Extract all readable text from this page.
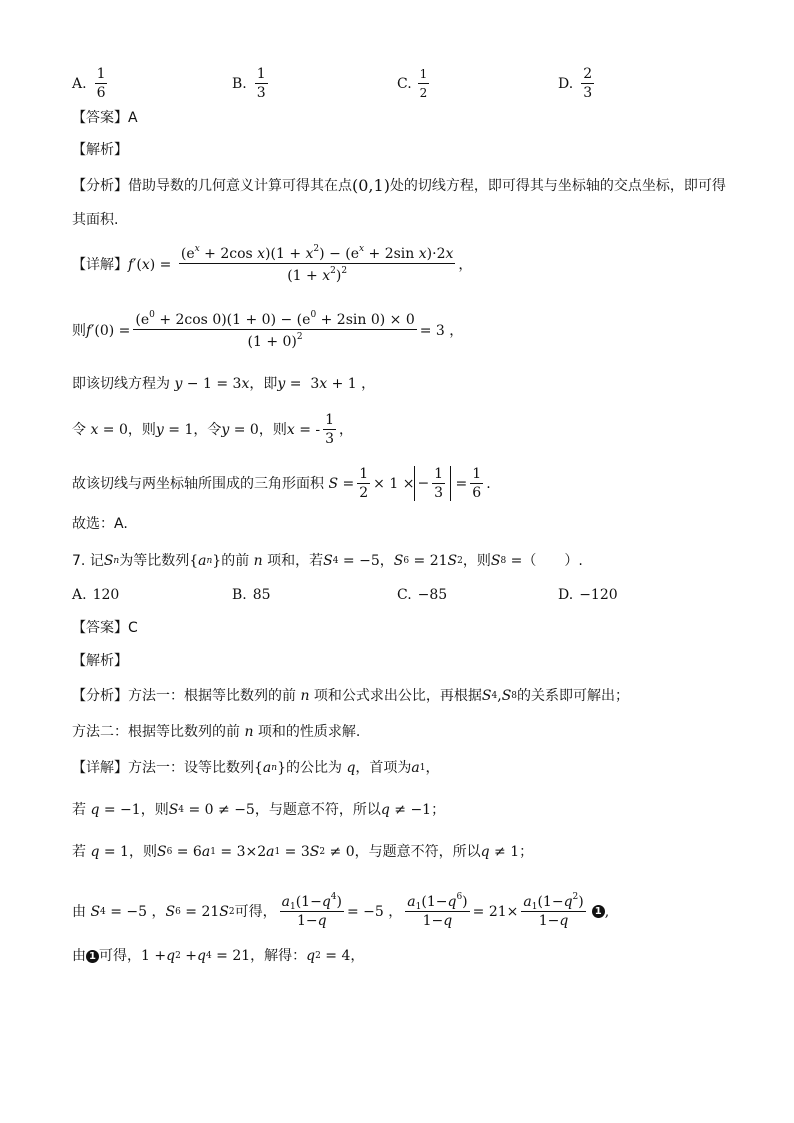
A. $\frac{1}{6}$	B. $\frac{1}{3}$	C. $\frac{1}{2}$	D. $\frac{2}{3}$
【答案】A
【解析】
【分析】借助导数的几何意义计算可得其在点 (0,1) 处的切线方程，即可得其与坐标轴的交点坐标，即可得
其面积.
【详解】 f ′ ( x ) = $\frac{(e^x + 2\cos x)(1 + x^2) - (e^x + 2\sin x)\cdot 2x}{(1 + x^2)^2}$ ，
则 f $'(0) = \frac{(e^0 + 2\cos 0)(1 + 0) - (e^0 + 2\sin 0) \times 0}{(1 + 0)^2} = 3$ ，
即该切线方程为 y − 1 = 3 x ，即 y =  3 x + 1 ，
令 x = 0 ，则 y = 1 ，令 y = 0 ，则 x = - $\frac{1}{3}$ ，
故该切线与两坐标轴所围成的三角形面积 $S = \frac{1}{2} \times 1$ × − $\frac{1}{3} = \frac{1}{6}$ .
故选：A.
7. 记 S n 为等比数列 { a n } 的前 n 项和，若 S 4 = −5 ， S 6 = 21 S 2 ，则 S 8 = （　　）.
A. 120	B. 85	C. −85	D. −120
【答案】C
【解析】
【分析】方法一：根据等比数列的前 n 项和公式求出公比，再根据 S 4 , S 8 的关系即可解出；
方法二：根据等比数列的前 n 项和的性质求解.
【详解】方法一：设等比数列 { a n } 的公比为 q ，首项为 a 1 ，
若 q = −1 ，则 S 4 = 0 ≠ −5 ，与题意不符，所以 q ≠ −1 ；
若 q = 1 ，则 S 6 = 6 a 1 = 3×2 a 1 = 3 S 2 ≠ 0 ，与题意不符，所以 q ≠ 1 ；
由 S 4 = −5 ， S 6 = 21 S 2 可得， $\frac{a_1(1-q^4)}{1-q} = -5$ ， $\frac{a_1(1-q^6)}{1-q} = 21\times \frac{a_1(1-q^2)}{1-q} 1$ ,
由 1 可得， 1 + q 2 + q 4 = 21 ，解得： q 2 = 4 ，
